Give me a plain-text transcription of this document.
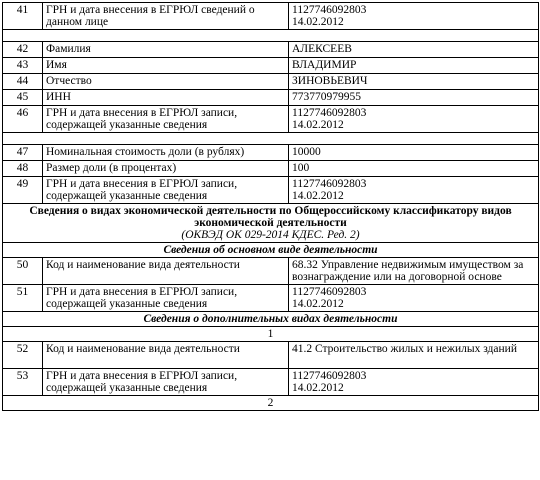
41	ГРН и дата внесения в ЕГРЮЛ сведений о данном лице	1127746092803
14.02.2012

42	Фамилия	АЛЕКСЕЕВ
43	Имя	ВЛАДИМИР
44	Отчество	ЗИНОВЬЕВИЧ
45	ИНН	773770979955
46	ГРН и дата внесения в ЕГРЮЛ записи, содержащей указанные сведения	1127746092803
14.02.2012

47	Номинальная стоимость доли (в рублях)	10000
48	Размер доли (в процентах)	100
49	ГРН и дата внесения в ЕГРЮЛ записи, содержащей указанные сведения	1127746092803
14.02.2012

Сведения о видах экономической деятельности по Общероссийскому классификатору видов экономической деятельности
(ОКВЭД ОК 029-2014 КДЕС. Ред. 2)		

Сведения об основном виде деятельности		
50	Код и наименование вида деятельности	68.32 Управление недвижимым имуществом за вознаграждение или на договорной основе
51	ГРН и дата внесения в ЕГРЮЛ записи, содержащей указанные сведения	1127746092803
14.02.2012

Сведения о дополнительных видах деятельности		
1		
52	Код и наименование вида деятельности	41.2 Строительство жилых и нежилых зданий
53	ГРН и дата внесения в ЕГРЮЛ записи, содержащей указанные сведения	1127746092803
14.02.2012

2		
